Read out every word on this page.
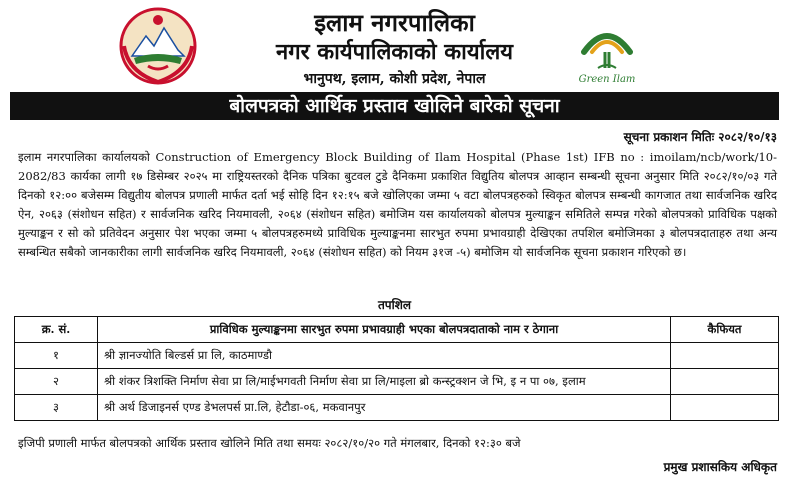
इलाम नगरपालिका
नगर कार्यपालिकाको कार्यालय
भानुपथ, इलाम, कोशी प्रदेश, नेपाल	Green Ilam
बोलपत्रको आर्थिक प्रस्ताव खोलिने बारेको सूचना
सूचना प्रकाशन मितिः २०८२/१०/१३
इलाम नगरपालिका कार्यालयको Construction of Emergency Block Building of Ilam Hospital (Phase 1st) IFB no : imoilam/ncb/work/10-2082/83 कार्यका लागी १७ डिसेम्बर २०२५ मा राष्ट्रियस्तरको दैनिक पत्रिका बुटवल टुडे दैनिकमा प्रकाशित विद्युतिय बोलपत्र आव्हान सम्बन्धी सूचना अनुसार मिति २०८२/१०/०३ गते दिनको १२:०० बजेसम्म विद्युतीय बोलपत्र प्रणाली मार्फत दर्ता भई सोहि दिन १२:१५ बजे खोलिएका जम्मा ५ वटा बोलपत्रहरुको स्विकृत बोलपत्र सम्बन्धी कागजात तथा सार्वजनिक खरिद ऐन, २०६३ (संशोधन सहित) र सार्वजनिक खरिद नियमावली, २०६४ (संशोधन सहित) बमोजिम यस कार्यालयको बोलपत्र मुल्याङ्कन समितिले सम्पन्न गरेको बोलपत्रको प्राविधिक पक्षको मुल्याङ्कन र सो को प्रतिवेदन अनुसार पेश भएका जम्मा ५ बोलपत्रहरुमध्ये प्राविधिक मुल्याङ्कनमा सारभुत रुपमा प्रभावग्राही देखिएका तपशिल बमोजिमका ३ बोलपत्रदाताहरु तथा अन्य सम्बन्धित सबैको जानकारीका लागी सार्वजनिक खरिद नियमावली, २०६४ (संशोधन सहित) को नियम ३१ज -५) बमोजिम यो सार्वजनिक सूचना प्रकाशन गरिएको छ।
तपशिल
क्र. सं.	प्राविधिक मुल्याङ्कनमा सारभुत रुपमा प्रभावग्राही भएका बोलपत्रदाताको नाम र ठेगाना	कैफियत
१	श्री ज्ञानज्योति बिल्डर्स प्रा लि, काठमाण्डौ	
२	श्री शंकर त्रिशक्ति निर्माण सेवा प्रा लि/माईभगवती निर्माण सेवा प्रा लि/माइला ब्रो कन्स्ट्रक्शन जे भि, इ न पा ०७, इलाम	
३	श्री अर्थ डिजाइनर्स एण्ड डेभलपर्स प्रा.लि, हेटौडा-०६, मकवानपुर	
इजिपी प्रणाली मार्फत बोलपत्रको आर्थिक प्रस्ताव खोलिने मिति तथा समयः २०८२/१०/२० गते मंगलबार, दिनको १२:३० बजे
प्रमुख प्रशासकिय अधिकृत
